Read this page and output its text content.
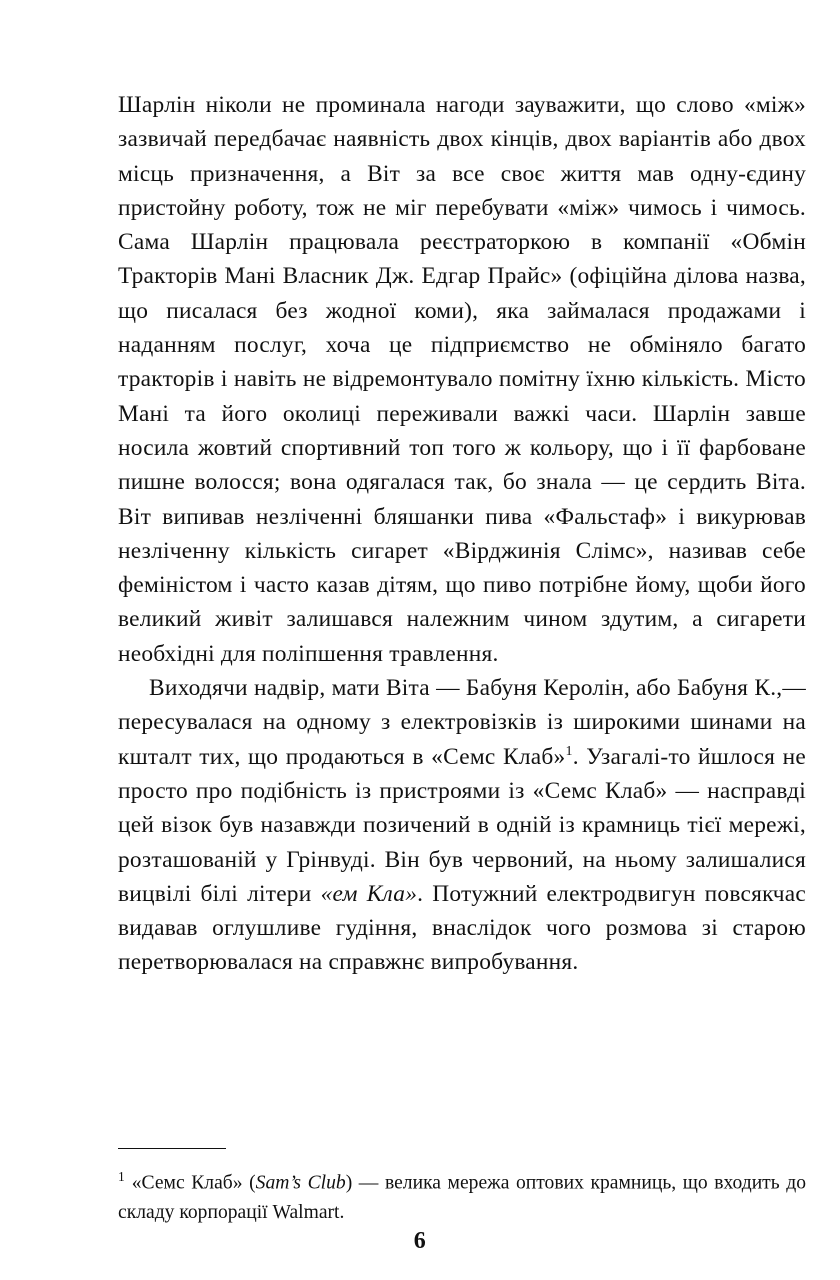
Шарлін ніколи не проминала нагоди зауважити, що слово «між» зазвичай передбачає наявність двох кінців, двох варіантів або двох місць призначення, а Віт за все своє життя мав одну-єдину пристойну роботу, тож не міг перебувати «між» чимось і чимось. Сама Шарлін працювала реєстраторкою в компанії «Обмін Тракторів Мані Власник Дж. Едгар Прайс» (офіційна ділова назва, що писалася без жодної коми), яка займалася продажами і наданням послуг, хоча це підприємство не обміняло багато тракторів і навіть не відремонтувало помітну їхню кількість. Місто Мані та його околиці переживали важкі часи. Шарлін завше носила жовтий спортивний топ того ж кольору, що і її фарбоване пишне волосся; вона одягалася так, бо знала — це сердить Віта. Віт випивав незліченні бляшанки пива «Фальстаф» і викурював незліченну кількість сигарет «Вірджинія Слімс», називав себе феміністом і часто казав дітям, що пиво потрібне йому, щоби його великий живіт залишався належним чином здутим, а сигарети необхідні для поліпшення травлення.

Виходячи надвір, мати Віта — Бабуня Керолін, або Бабуня К.,— пересувалася на одному з електровізків із широкими шинами на кшталт тих, що продаються в «Семс Клаб»$^1$. Узагалі-то йшлося не просто про подібність із пристроями із «Семс Клаб» — насправді цей візок був назавжди позичений в одній із крамниць тієї мережі, розташованій у Грінвуді. Він був червоний, на ньому залишалися вицвілі білі літери «ем Кла». Потужний електродвигун повсякчас видавав оглушливе гудіння, внаслідок чого розмова зі старою перетворювалася на справжнє випробування.

$^1$ «Семс Клаб» (Sam’s Club) — велика мережа оптових крамниць, що входить до складу корпорації Walmart.
6
